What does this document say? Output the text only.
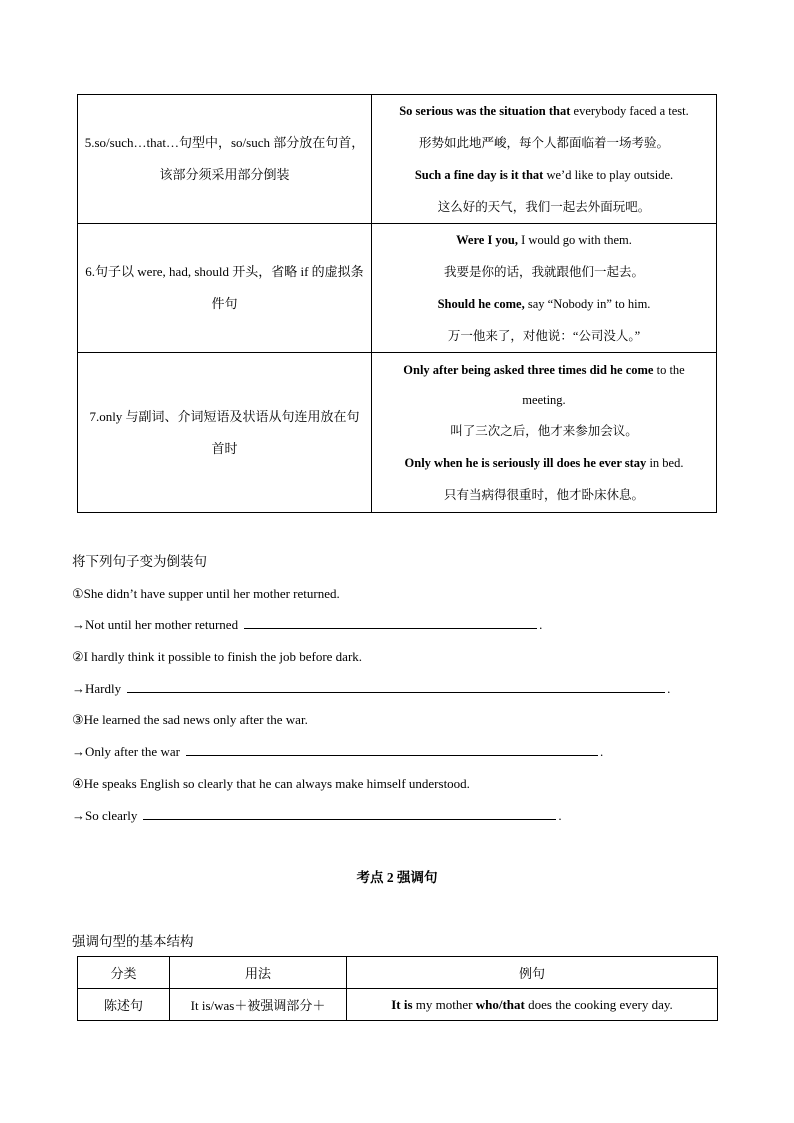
5.so/such…that…句型中，so/such 部分放在句首，该部分须采用部分倒装	So serious was the situation that everybody faced a test.

形势如此地严峻，每个人都面临着一场考验。

Such a fine day is it that we’d like to play outside.

这么好的天气，我们一起去外面玩吧。

6.句子以 were, had, should 开头，省略 if 的虚拟条件句	Were I you, I would go with them.

我要是你的话，我就跟他们一起去。

Should he come, say “Nobody in” to him.

万一他来了，对他说：“公司没人。”

7.only 与副词、介词短语及状语从句连用放在句首时	Only after being asked three times did he come to the meeting.

叫了三次之后，他才来参加会议。

Only when he is seriously ill does he ever stay in bed.

只有当病得很重时，他才卧床休息。

将下列句子变为倒装句

①She didn’t have supper until her mother returned.

→Not until her mother returned	.

②I hardly think it possible to finish the job before dark.

→Hardly	.

③He learned the sad news only after the war.

→Only after the war	.

④He speaks English so clearly that he can always make himself understood.

→So clearly	.

考点 2 强调句
强调句型的基本结构
分类	用法	例句
陈述句	It is/was＋被强调部分＋	It is my mother who/that does the cooking every day.
